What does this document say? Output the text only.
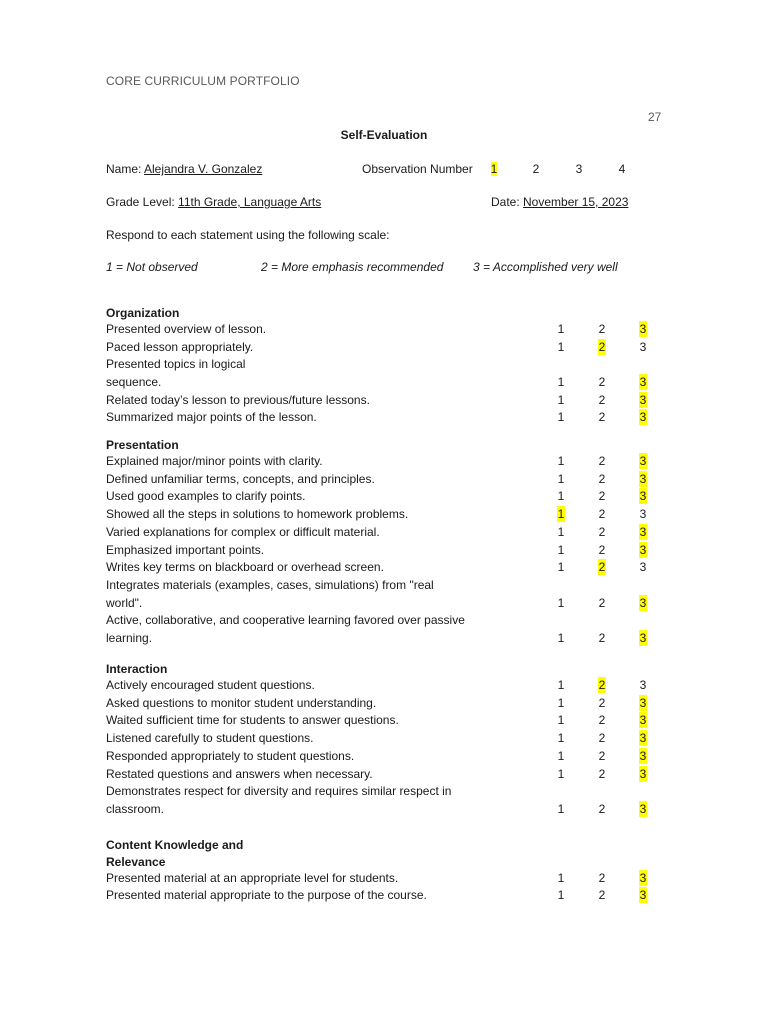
CORE CURRICULUM PORTFOLIO
27
Self-Evaluation
Name: Alejandra V. Gonzalez	Observation Number	1	2	3	4
Grade Level: 11th Grade, Language Arts	Date: November 15, 2023
Respond to each statement using the following scale:
1 = Not observed	2 = More emphasis recommended 3 = Accomplished very well
Organization
Presented overview of lesson.	1	2	3
Paced lesson appropriately.	1	2	3
Presented topics in logical
sequence.	1	2	3
Related today’s lesson to previous/future lessons.	1	2	3
Summarized major points of the lesson.	1	2	3
Presentation
Explained major/minor points with clarity.	1	2	3
Defined unfamiliar terms, concepts, and principles.	1	2	3
Used good examples to clarify points.	1	2	3
Showed all the steps in solutions to homework problems.	1	2	3
Varied explanations for complex or difficult material.	1	2	3
Emphasized important points.	1	2	3
Writes key terms on blackboard or overhead screen.	1	2	3
Integrates materials (examples, cases, simulations) from "real
world".	1	2	3
Active, collaborative, and cooperative learning favored over passive
learning.	1	2	3
Interaction
Actively encouraged student questions.	1	2	3
Asked questions to monitor student understanding.	1	2	3
Waited sufficient time for students to answer questions.	1	2	3
Listened carefully to student questions.	1	2	3
Responded appropriately to student questions.	1	2	3
Restated questions and answers when necessary.	1	2	3
Demonstrates respect for diversity and requires similar respect in
classroom.	1	2	3
Content Knowledge and
Relevance
Presented material at an appropriate level for students.	1	2	3
Presented material appropriate to the purpose of the course.	1	2	3
